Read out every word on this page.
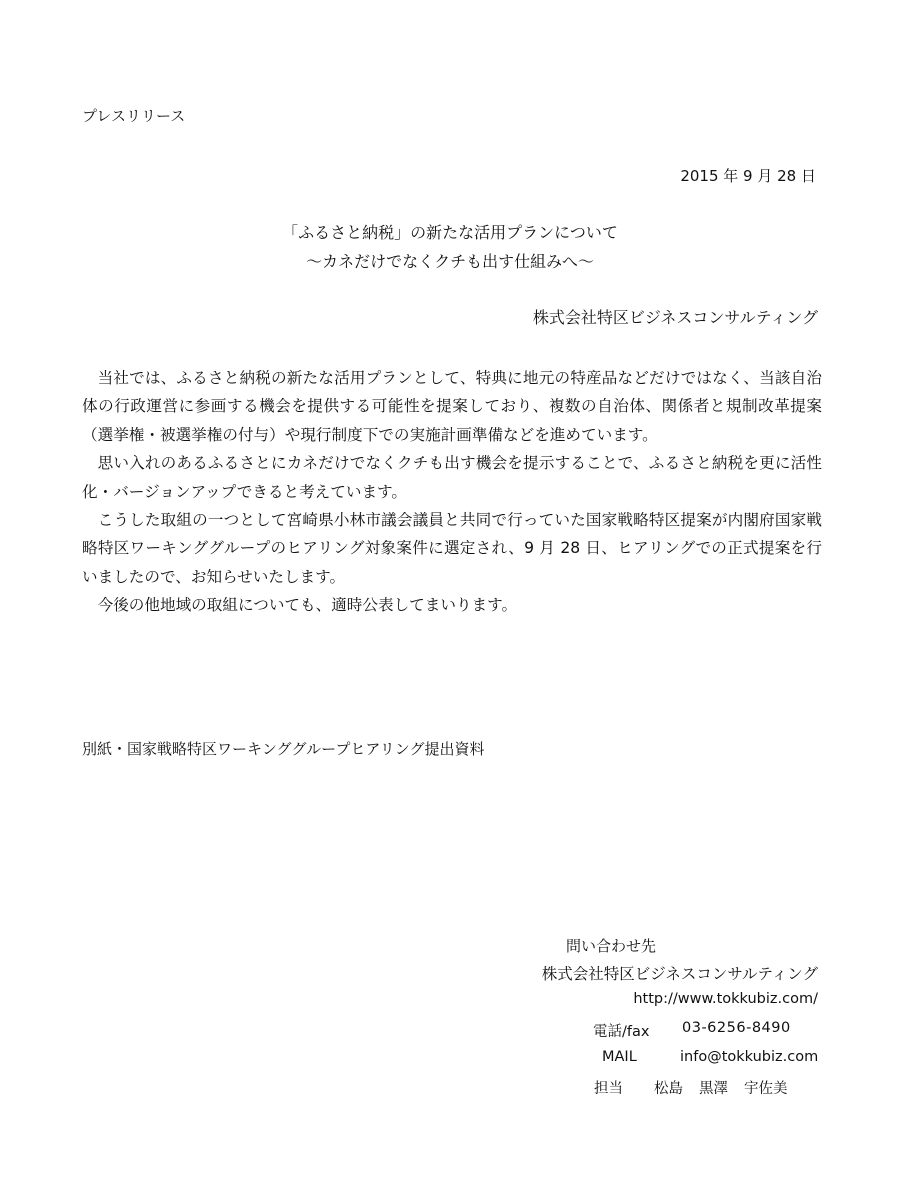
プレスリリース
2015 年 9 月 28 日
「ふるさと納税」の新たな活用プランについて
～カネだけでなくクチも出す仕組みへ～
株式会社特区ビジネスコンサルティング

当社では、ふるさと納税の新たな活用プランとして、特典に地元の特産品などだけではなく、当該自治体の行政運営に参画する機会を提供する可能性を提案しており、複数の自治体、関係者と規制改革提案（選挙権・被選挙権の付与）や現行制度下での実施計画準備などを進めています。

思い入れのあるふるさとにカネだけでなくクチも出す機会を提示することで、ふるさと納税を更に活性化・バージョンアップできると考えています。

こうした取組の一つとして宮崎県小林市議会議員と共同で行っていた国家戦略特区提案が内閣府国家戦略特区ワーキンググループのヒアリング対象案件に選定され、9 月 28 日、ヒアリングでの正式提案を行いましたので、お知らせいたします。

今後の他地域の取組についても、適時公表してまいります。

別紙・国家戦略特区ワーキンググループヒアリング提出資料
問い合わせ先
株式会社特区ビジネスコンサルティング
http://www.tokkubiz.com/
電話/fax 03-6256-8490
MAIL	info@tokkubiz.com
担当 松島 黒澤 宇佐美
